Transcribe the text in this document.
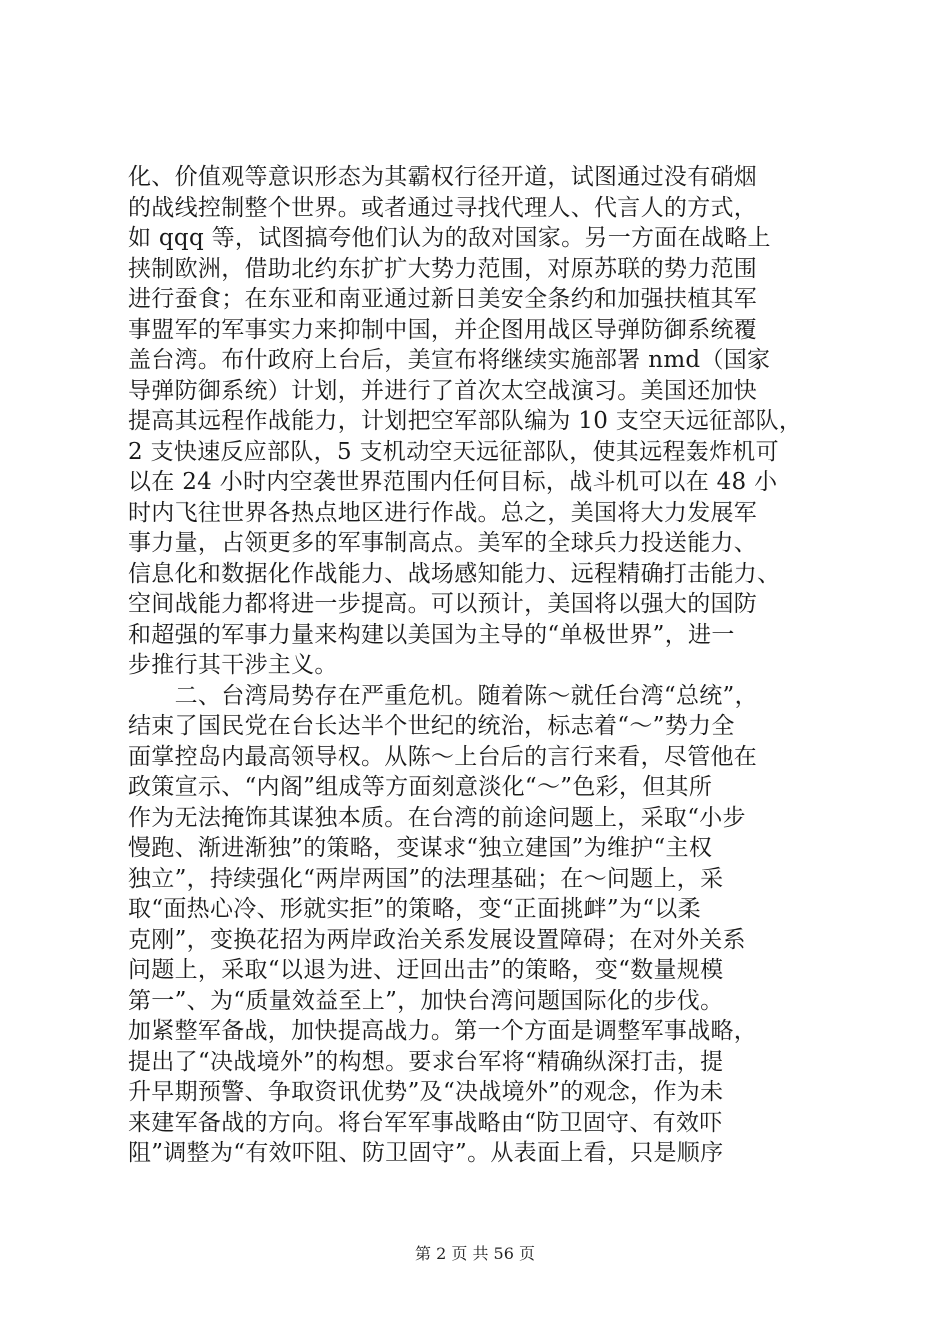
化、价值观等意识形态为其霸权行径开道，试图通过没有硝烟
的战线控制整个世界。或者通过寻找代理人、代言人的方式，
如 qqq 等，试图搞夸他们认为的敌对国家。另一方面在战略上
挟制欧洲，借助北约东扩扩大势力范围，对原苏联的势力范围
进行蚕食；在东亚和南亚通过新日美安全条约和加强扶植其军
事盟军的军事实力来抑制中国，并企图用战区导弹防御系统覆
盖台湾。布什政府上台后，美宣布将继续实施部署 nmd（国家
导弹防御系统）计划，并进行了首次太空战演习。美国还加快
提高其远程作战能力，计划把空军部队编为 10 支空天远征部队，
2 支快速反应部队，5 支机动空天远征部队，使其远程轰炸机可
以在 24 小时内空袭世界范围内任何目标，战斗机可以在 48 小
时内飞往世界各热点地区进行作战。总之，美国将大力发展军
事力量，占领更多的军事制高点。美军的全球兵力投送能力、
信息化和数据化作战能力、战场感知能力、远程精确打击能力、
空间战能力都将进一步提高。可以预计，美国将以强大的国防
和超强的军事力量来构建以美国为主导的“单极世界”，进一
步推行其干涉主义。
　　二、台湾局势存在严重危机。随着陈～就任台湾“总统”，
结束了国民党在台长达半个世纪的统治，标志着“～”势力全
面掌控岛内最高领导权。从陈～上台后的言行来看，尽管他在
政策宣示、“内阁”组成等方面刻意淡化“～”色彩，但其所
作为无法掩饰其谋独本质。在台湾的前途问题上，采取“小步
慢跑、渐进渐独”的策略，变谋求“独立建国”为维护“主权
独立”，持续强化“两岸两国”的法理基础；在～问题上，采
取“面热心冷、形就实拒”的策略，变“正面挑衅”为“以柔
克刚”，变换花招为两岸政治关系发展设置障碍；在对外关系
问题上，采取“以退为进、迂回出击”的策略，变“数量规模
第一”、为“质量效益至上”，加快台湾问题国际化的步伐。
加紧整军备战，加快提高战力。第一个方面是调整军事战略，
提出了“决战境外”的构想。要求台军将“精确纵深打击，提
升早期预警、争取资讯优势”及“决战境外”的观念，作为未
来建军备战的方向。将台军军事战略由“防卫固守、有效吓
阻”调整为“有效吓阻、防卫固守”。从表面上看，只是顺序
第 2 页 共 56 页
